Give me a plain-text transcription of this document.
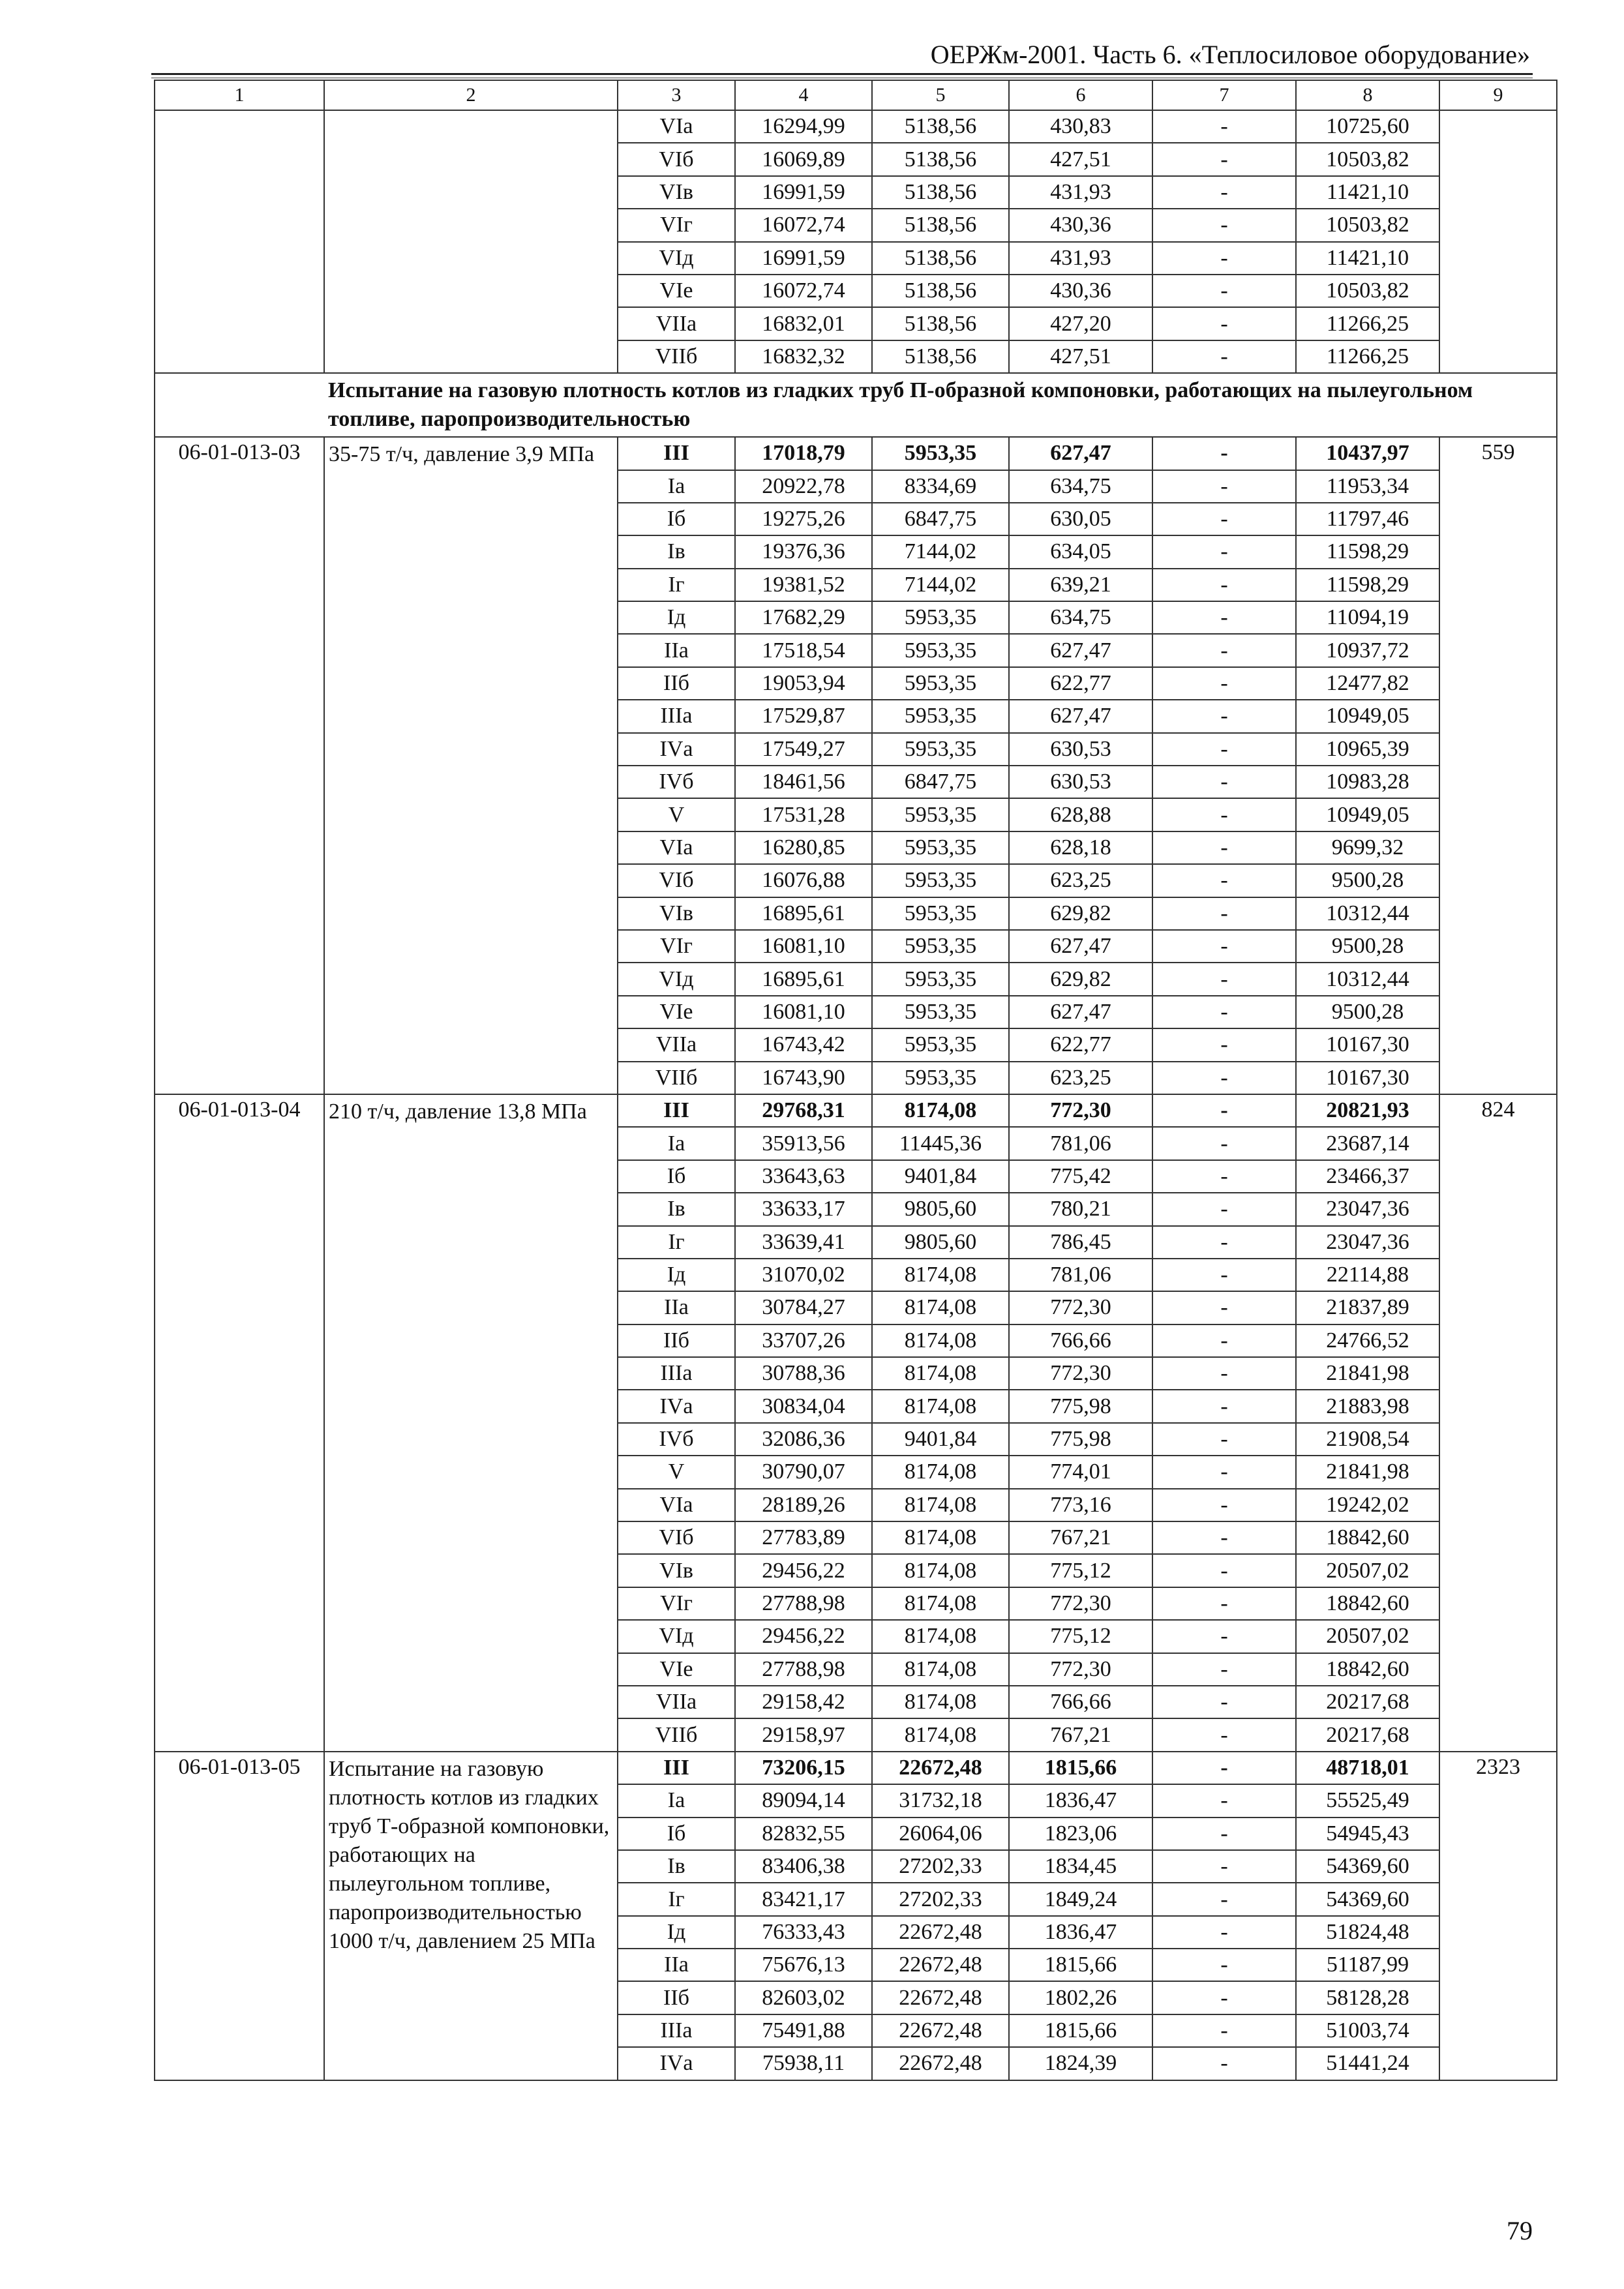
ОЕРЖм-2001. Часть 6. «Теплосиловое оборудование»
1	2	3	4	5	6	7	8	9
		VIа	16294,99	5138,56	430,83	-	10725,60	
		VIб	16069,89	5138,56	427,51	-	10503,82	
		VIв	16991,59	5138,56	431,93	-	11421,10	
		VIг	16072,74	5138,56	430,36	-	10503,82	
		VIд	16991,59	5138,56	431,93	-	11421,10	
		VIе	16072,74	5138,56	430,36	-	10503,82	
		VIIа	16832,01	5138,56	427,20	-	11266,25	
		VIIб	16832,32	5138,56	427,51	-	11266,25	
	Испытание на газовую плотность котлов из гладких труб П-образной компоновки, работающих на пылеугольном топливе, паропроизводительностью							
06-01-013-03	35-75 т/ч, давление 3,9 МПа	III	17018,79	5953,35	627,47	-	10437,97	559
		Iа	20922,78	8334,69	634,75	-	11953,34	
		Iб	19275,26	6847,75	630,05	-	11797,46	
		Iв	19376,36	7144,02	634,05	-	11598,29	
		Iг	19381,52	7144,02	639,21	-	11598,29	
		Iд	17682,29	5953,35	634,75	-	11094,19	
		IIа	17518,54	5953,35	627,47	-	10937,72	
		IIб	19053,94	5953,35	622,77	-	12477,82	
		IIIа	17529,87	5953,35	627,47	-	10949,05	
		IVа	17549,27	5953,35	630,53	-	10965,39	
		IVб	18461,56	6847,75	630,53	-	10983,28	
		V	17531,28	5953,35	628,88	-	10949,05	
		VIа	16280,85	5953,35	628,18	-	9699,32	
		VIб	16076,88	5953,35	623,25	-	9500,28	
		VIв	16895,61	5953,35	629,82	-	10312,44	
		VIг	16081,10	5953,35	627,47	-	9500,28	
		VIд	16895,61	5953,35	629,82	-	10312,44	
		VIе	16081,10	5953,35	627,47	-	9500,28	
		VIIа	16743,42	5953,35	622,77	-	10167,30	
		VIIб	16743,90	5953,35	623,25	-	10167,30	
06-01-013-04	210 т/ч, давление 13,8 МПа	III	29768,31	8174,08	772,30	-	20821,93	824
		Iа	35913,56	11445,36	781,06	-	23687,14	
		Iб	33643,63	9401,84	775,42	-	23466,37	
		Iв	33633,17	9805,60	780,21	-	23047,36	
		Iг	33639,41	9805,60	786,45	-	23047,36	
		Iд	31070,02	8174,08	781,06	-	22114,88	
		IIа	30784,27	8174,08	772,30	-	21837,89	
		IIб	33707,26	8174,08	766,66	-	24766,52	
		IIIа	30788,36	8174,08	772,30	-	21841,98	
		IVа	30834,04	8174,08	775,98	-	21883,98	
		IVб	32086,36	9401,84	775,98	-	21908,54	
		V	30790,07	8174,08	774,01	-	21841,98	
		VIа	28189,26	8174,08	773,16	-	19242,02	
		VIб	27783,89	8174,08	767,21	-	18842,60	
		VIв	29456,22	8174,08	775,12	-	20507,02	
		VIг	27788,98	8174,08	772,30	-	18842,60	
		VIд	29456,22	8174,08	775,12	-	20507,02	
		VIе	27788,98	8174,08	772,30	-	18842,60	
		VIIа	29158,42	8174,08	766,66	-	20217,68	
		VIIб	29158,97	8174,08	767,21	-	20217,68	
06-01-013-05	Испытание на газовую плотность котлов из гладких труб Т-образной компоновки, работающих на пылеугольном топливе, паропроизводительностью 1000 т/ч, давлением 25 МПа	III	73206,15	22672,48	1815,66	-	48718,01	2323
		Iа	89094,14	31732,18	1836,47	-	55525,49	
		Iб	82832,55	26064,06	1823,06	-	54945,43	
		Iв	83406,38	27202,33	1834,45	-	54369,60	
		Iг	83421,17	27202,33	1849,24	-	54369,60	
		Iд	76333,43	22672,48	1836,47	-	51824,48	
		IIа	75676,13	22672,48	1815,66	-	51187,99	
		IIб	82603,02	22672,48	1802,26	-	58128,28	
		IIIа	75491,88	22672,48	1815,66	-	51003,74	
		IVа	75938,11	22672,48	1824,39	-	51441,24	
79
